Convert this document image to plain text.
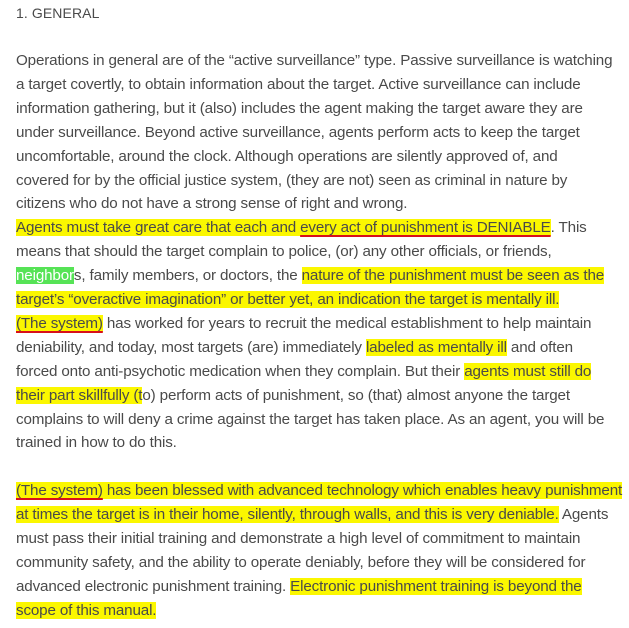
1. GENERAL
Operations in general are of the “active surveillance” type. Passive surveillance is watching
a target covertly, to obtain information about the target. Active surveillance can include
information gathering, but it (also) includes the agent making the target aware they are
under surveillance. Beyond active surveillance, agents perform acts to keep the target
uncomfortable, around the clock. Although operations are silently approved of, and
covered for by the official justice system, (they are not) seen as criminal in nature by
citizens who do not have a strong sense of right and wrong.
Agents must take great care that each and every act of punishment is DENIABLE. This
means that should the target complain to police, (or) any other officials, or friends,
neighbors, family members, or doctors, the nature of the punishment must be seen as the
target’s “overactive imagination” or better yet, an indication the target is mentally ill.
(The system) has worked for years to recruit the medical establishment to help maintain
deniability, and today, most targets (are) immediately labeled as mentally ill and often
forced onto anti-psychotic medication when they complain. But their agents must still do
their part skillfully (to) perform acts of punishment, so (that) almost anyone the target
complains to will deny a crime against the target has taken place. As an agent, you will be
trained in how to do this.
(The system) has been blessed with advanced technology which enables heavy punishment
at times the target is in their home, silently, through walls, and this is very deniable. Agents
must pass their initial training and demonstrate a high level of commitment to maintain
community safety, and the ability to operate deniably, before they will be considered for
advanced electronic punishment training. Electronic punishment training is beyond the
scope of this manual.
